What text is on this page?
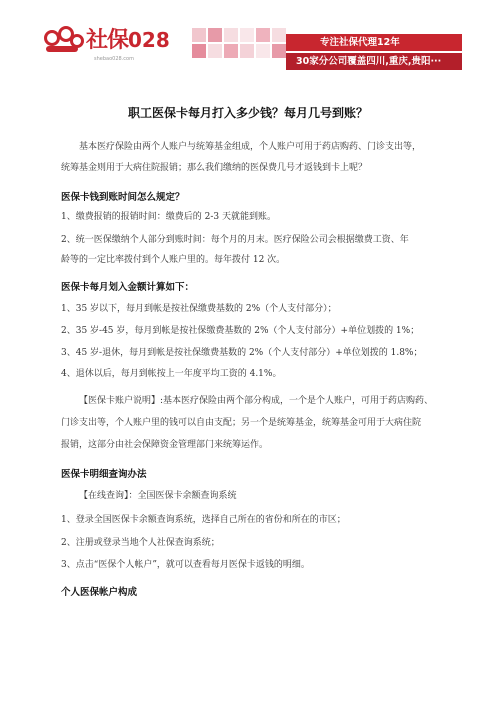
社保028
shebao028.com
专注社保代理12年
30家分公司覆盖四川,重庆,贵阳···
职工医保卡每月打入多少钱？每月几号到账？
基本医疗保险由两个人账户与统筹基金组成，个人账户可用于药店购药、门诊支出等，
统筹基金则用于大病住院报销；那么我们缴纳的医保费几号才返钱到卡上呢？
医保卡钱到账时间怎么规定？
1、缴费报销的报销时间：缴费后的 2-3 天就能到账。
2、统一医保缴纳个人部分到账时间：每个月的月末。医疗保险公司会根据缴费工资、年
龄等的一定比率拨付到个人账户里的。每年拨付 12 次。
医保卡每月划入金额计算如下：
1、35 岁以下，每月到帐是按社保缴费基数的 2%（个人支付部分）；
2、35 岁-45 岁，每月到帐是按社保缴费基数的 2%（个人支付部分）+单位划拨的 1%；
3、45 岁-退休，每月到帐是按社保缴费基数的 2%（个人支付部分）+单位划拨的 1.8%；
4、退休以后，每月到帐按上一年度平均工资的 4.1%。
【医保卡账户说明】:基本医疗保险由两个部分构成，一个是个人账户，可用于药店购药、
门诊支出等，个人账户里的钱可以自由支配；另一个是统筹基金，统筹基金可用于大病住院
报销，这部分由社会保障资金管理部门来统筹运作。
医保卡明细查询办法
【在线查询】：全国医保卡余额查询系统
1、登录全国医保卡余额查询系统，选择自己所在的省份和所在的市区；
2、注册或登录当地个人社保查询系统；
3、点击“医保个人帐户”，就可以查看每月医保卡返钱的明细。
个人医保帐户构成
